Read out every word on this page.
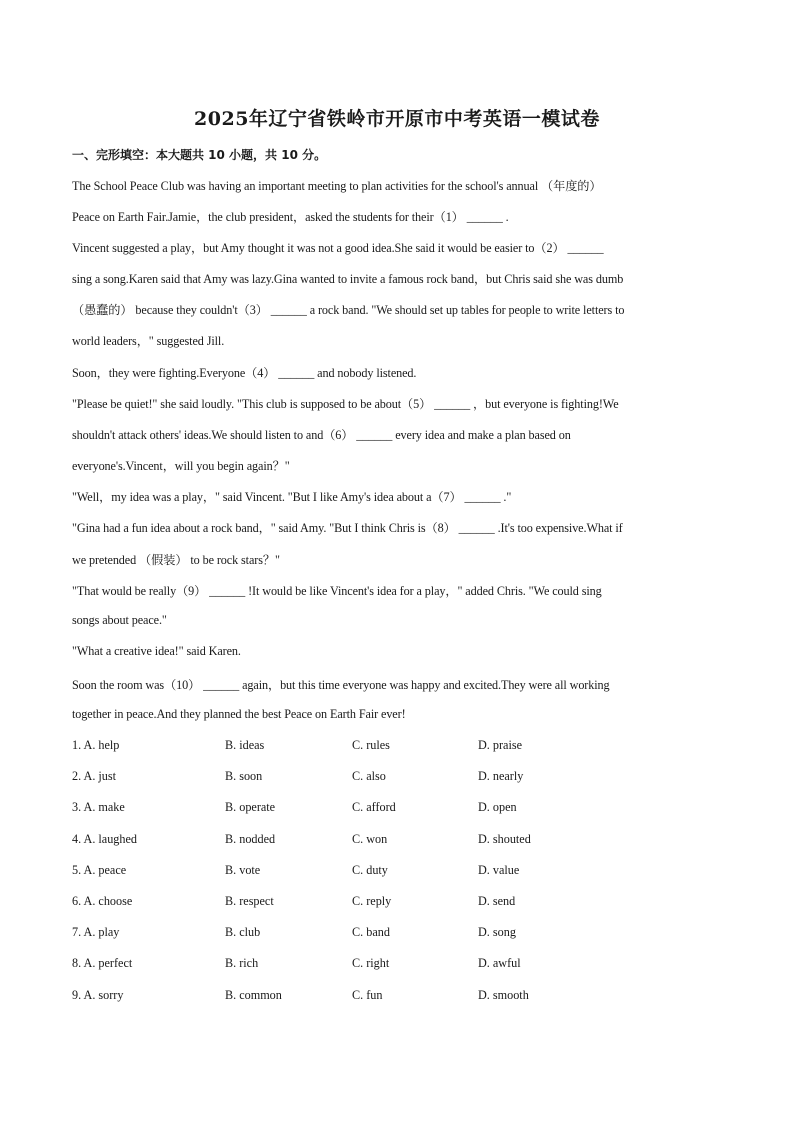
2025年辽宁省铁岭市开原市中考英语一模试卷
一、完形填空：本大题共 10 小题，共 10 分。
The School Peace Club was having an important meeting to plan activities for the school's annual （年度的）
Peace on Earth Fair.Jamie，the club president，asked the students for their（1） ______ .
Vincent suggested a play，but Amy thought it was not a good idea.She said it would be easier to（2） ______
sing a song.Karen said that Amy was lazy.Gina wanted to invite a famous rock band，but Chris said she was dumb
（愚蠢的） because they couldn't（3） ______ a rock band. "We should set up tables for people to write letters to
world leaders，" suggested Jill.
Soon，they were fighting.Everyone（4） ______ and nobody listened.
"Please be quiet!" she said loudly. "This club is supposed to be about（5） ______ ，but everyone is fighting!We
shouldn't attack others' ideas.We should listen to and（6） ______ every idea and make a plan based on
everyone's.Vincent，will you begin again？"
"Well，my idea was a play，" said Vincent. "But I like Amy's idea about a（7） ______ ."
"Gina had a fun idea about a rock band，" said Amy. "But I think Chris is（8） ______ .It's too expensive.What if
we pretended （假装） to be rock stars？"
"That would be really（9） ______ !It would be like Vincent's idea for a play，" added Chris. "We could sing
songs about peace."
"What a creative idea!" said Karen.
Soon the room was（10） ______ again，but this time everyone was happy and excited.They were all working
together in peace.And they planned the best Peace on Earth Fair ever!
1. A. help	B. ideas	C. rules	D. praise
2. A. just	B. soon	C. also	D. nearly
3. A. make	B. operate	C. afford	D. open
4. A. laughed	B. nodded	C. won	D. shouted
5. A. peace	B. vote	C. duty	D. value
6. A. choose	B. respect	C. reply	D. send
7. A. play	B. club	C. band	D. song
8. A. perfect	B. rich	C. right	D. awful
9. A. sorry	B. common	C. fun	D. smooth
